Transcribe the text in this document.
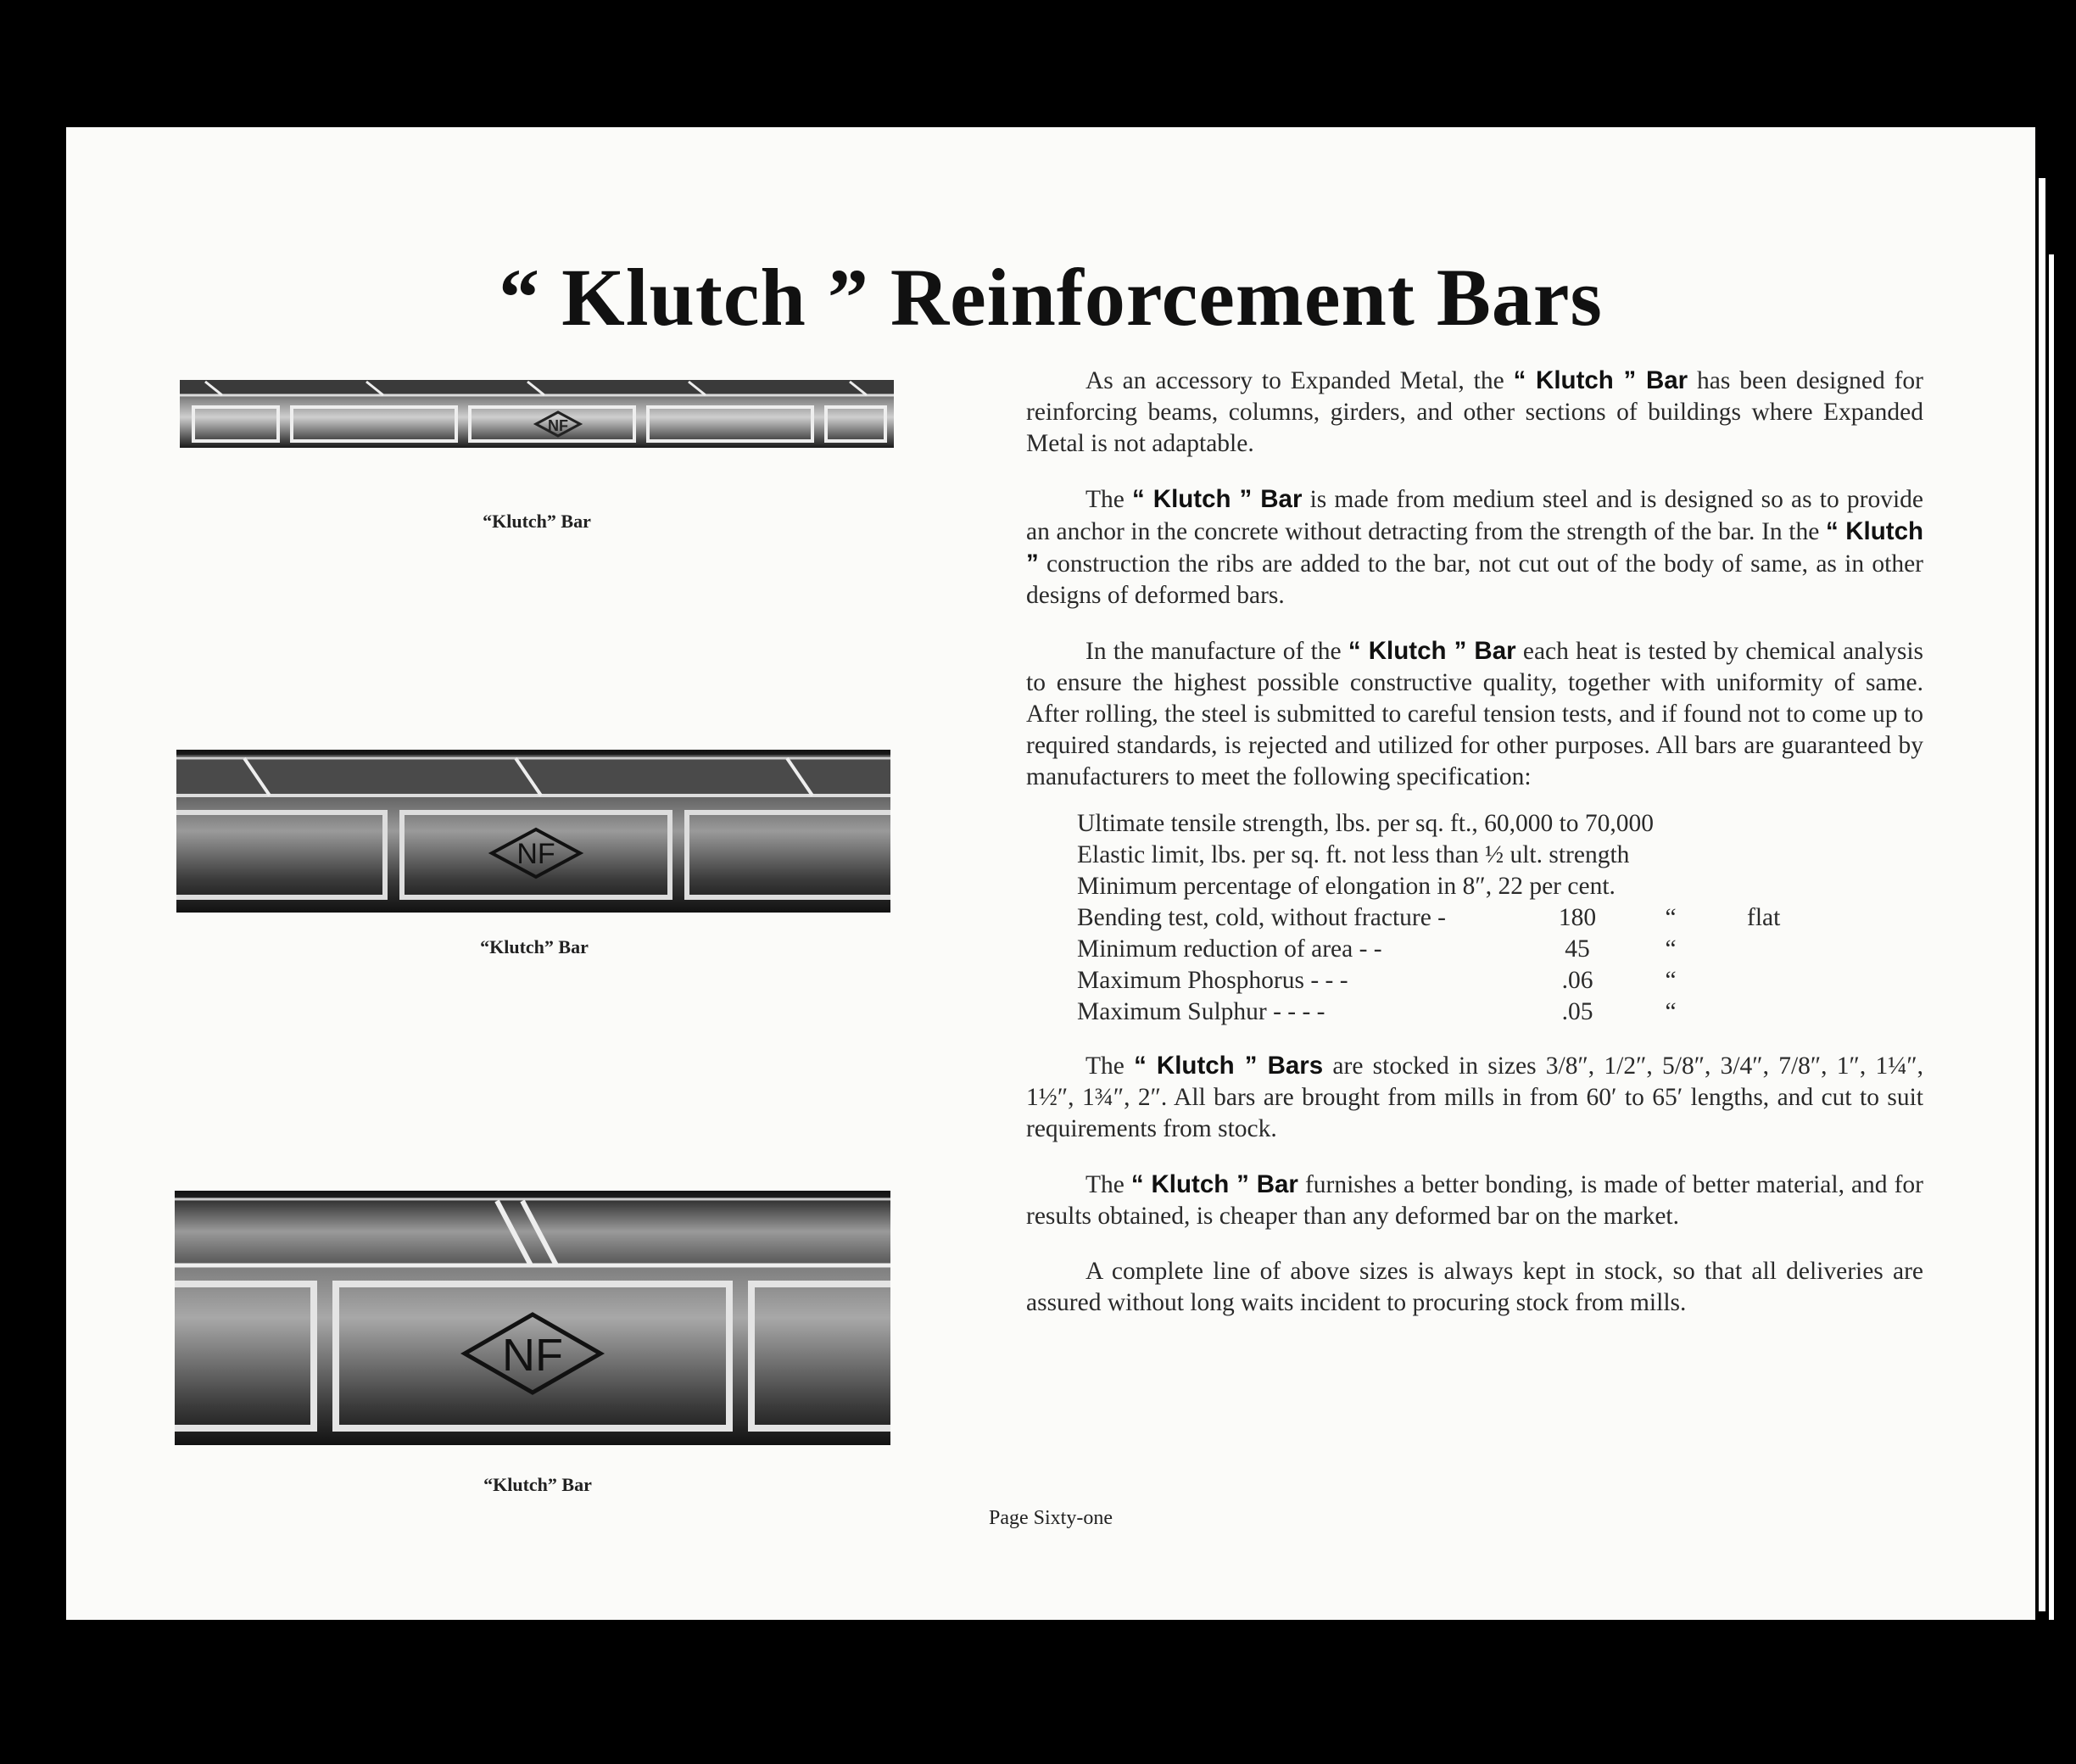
“ Klutch ” Reinforcement Bars
NF
“Klutch” Bar
NF
“Klutch” Bar
NF
“Klutch” Bar

As an accessory to Expanded Metal, the “ Klutch ” Bar has been designed for reinforcing beams, columns, girders, and other sections of buildings where Expanded Metal is not adaptable.

The “ Klutch ” Bar is made from medium steel and is designed so as to provide an anchor in the concrete without detracting from the strength of the bar. In the “ Klutch ” construction the ribs are added to the bar, not cut out of the body of same, as in other designs of deformed bars.

In the manufacture of the “ Klutch ” Bar each heat is tested by chemical analysis to ensure the highest possible constructive quality, together with uniformity of same. After rolling, the steel is submitted to careful tension tests, and if found not to come up to required standards, is rejected and utilized for other purposes. All bars are guaranteed by manufacturers to meet the following specification:

Ultimate tensile strength, lbs. per sq. ft., 60,000 to 70,000
Elastic limit, lbs. per sq. ft. not less than ½ ult. strength
Minimum percentage of elongation in 8″, 22 per cent.
Bending test, cold, without fracture -	180	“	flat
Minimum reduction of area - -	45	“
Maximum Phosphorus - - -	.06	“
Maximum Sulphur - - - -	.05	“

The “ Klutch ” Bars are stocked in sizes 3/8″, 1/2″, 5/8″, 3/4″, 7/8″, 1″, 1¼″, 1½″, 1¾″, 2″. All bars are brought from mills in from 60′ to 65′ lengths, and cut to suit requirements from stock.

The “ Klutch ” Bar furnishes a better bonding, is made of better material, and for results obtained, is cheaper than any deformed bar on the market.

A complete line of above sizes is always kept in stock, so that all deliveries are assured without long waits incident to procuring stock from mills.

Page Sixty-one
